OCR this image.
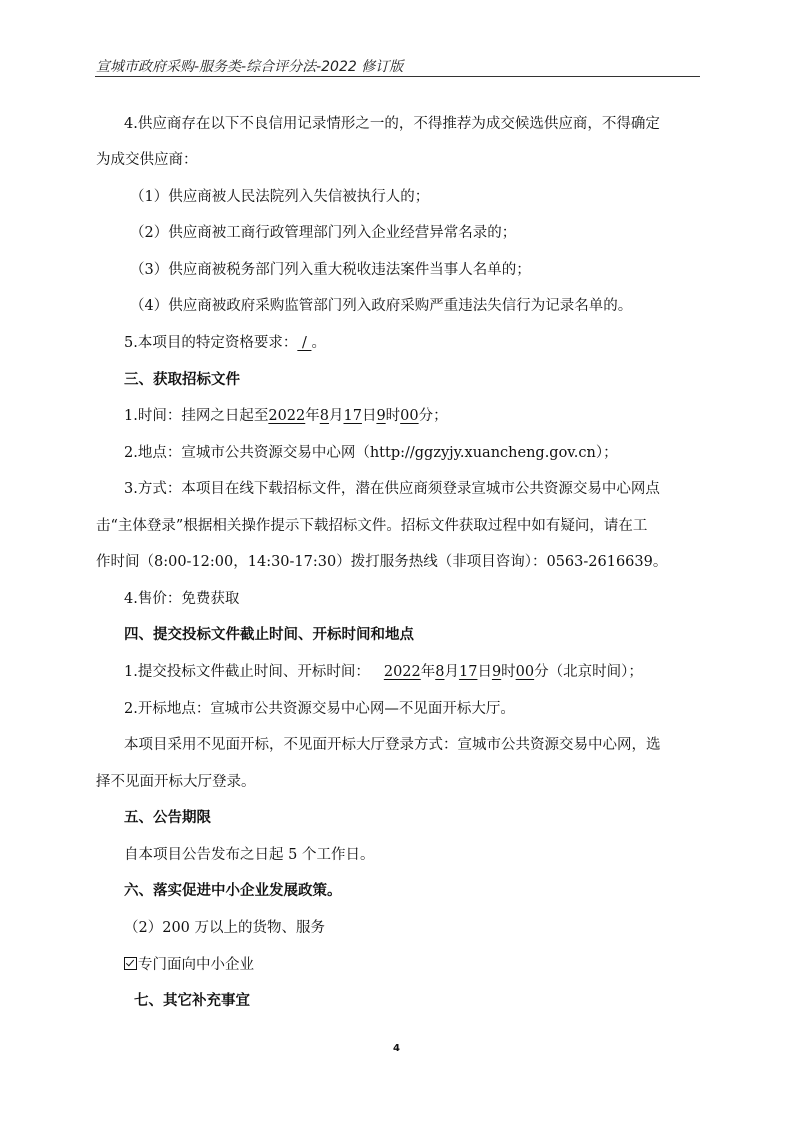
宣城市政府采购-服务类-综合评分法-2022 修订版
4.供应商存在以下不良信用记录情形之一的，不得推荐为成交候选供应商，不得确定
为成交供应商：
（1）供应商被人民法院列入失信被执行人的；
（2）供应商被工商行政管理部门列入企业经营异常名录的；
（3）供应商被税务部门列入重大税收违法案件当事人名单的；
（4）供应商被政府采购监管部门列入政府采购严重违法失信行为记录名单的。
5.本项目的特定资格要求： / 。
三、获取招标文件
1.时间：挂网之日起至2022年8月17日9时00分；
2.地点：宣城市公共资源交易中心网（http://ggzyjy.xuancheng.gov.cn）；
3.方式：本项目在线下载招标文件，潜在供应商须登录宣城市公共资源交易中心网点
击“主体登录”根据相关操作提示下载招标文件。招标文件获取过程中如有疑问，请在工
作时间（8:00-12:00，14:30-17:30）拨打服务热线（非项目咨询）：0563-2616639。
4.售价：免费获取
四、提交投标文件截止时间、开标时间和地点
1.提交投标文件截止时间、开标时间： 2022年8月17日9时00分（北京时间）；
2.开标地点：宣城市公共资源交易中心网—不见面开标大厅。
本项目采用不见面开标，不见面开标大厅登录方式：宣城市公共资源交易中心网，选
择不见面开标大厅登录。
五、公告期限
自本项目公告发布之日起 5 个工作日。
六、落实促进中小企业发展政策。
（2）200 万以上的货物、服务
专门面向中小企业
七、其它补充事宜
4
